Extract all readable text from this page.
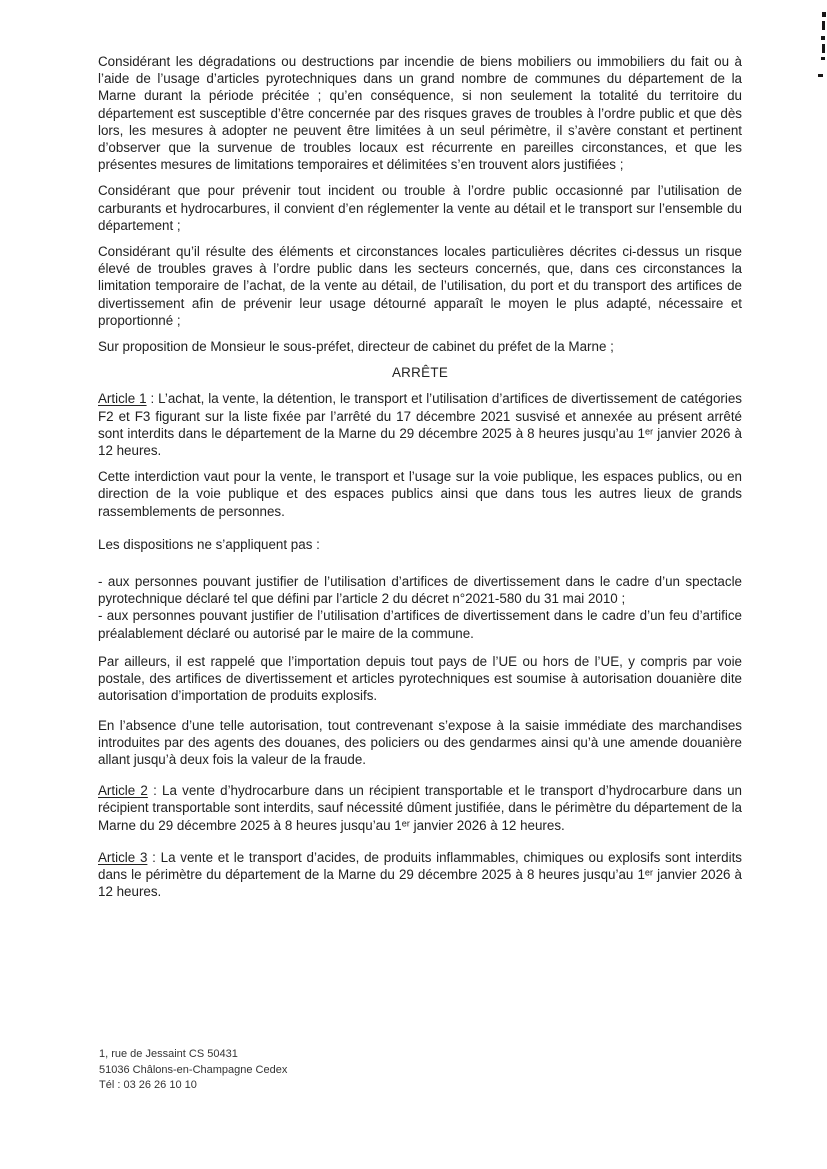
Considérant les dégradations ou destructions par incendie de biens mobiliers ou immobiliers du fait ou à l’aide de l’usage d’articles pyrotechniques dans un grand nombre de communes du département de la Marne durant la période précitée ; qu’en conséquence, si non seulement la totalité du territoire du département est susceptible d’être concernée par des risques graves de troubles à l’ordre public et que dès lors, les mesures à adopter ne peuvent être limitées à un seul périmètre, il s’avère constant et pertinent d’observer que la survenue de troubles locaux est récurrente en pareilles circonstances, et que les présentes mesures de limitations temporaires et délimitées s’en trouvent alors justifiées ;

Considérant que pour prévenir tout incident ou trouble à l’ordre public occasionné par l’utilisation de carburants et hydrocarbures, il convient d’en réglementer la vente au détail et le transport sur l’ensemble du département ;

Considérant qu’il résulte des éléments et circonstances locales particulières décrites ci-dessus un risque élevé de troubles graves à l’ordre public dans les secteurs concernés, que, dans ces circonstances la limitation temporaire de l’achat, de la vente au détail, de l’utilisation, du port et du transport des artifices de divertissement afin de prévenir leur usage détourné apparaît le moyen le plus adapté, nécessaire et proportionné ;

Sur proposition de Monsieur le sous-préfet, directeur de cabinet du préfet de la Marne ;

ARRÊTE

Article 1 : L’achat, la vente, la détention, le transport et l’utilisation d’artifices de divertissement de catégories F2 et F3 figurant sur la liste fixée par l’arrêté du 17 décembre 2021 susvisé et annexée au présent arrêté sont interdits dans le département de la Marne du 29 décembre 2025 à 8 heures jusqu’au 1ᵉʳ janvier 2026 à 12 heures.

Cette interdiction vaut pour la vente, le transport et l’usage sur la voie publique, les espaces publics, ou en direction de la voie publique et des espaces publics ainsi que dans tous les autres lieux de grands rassemblements de personnes.

Les dispositions ne s’appliquent pas :

- aux personnes pouvant justifier de l’utilisation d’artifices de divertissement dans le cadre d’un spectacle pyrotechnique déclaré tel que défini par l’article 2 du décret n°2021-580 du 31 mai 2010 ;

- aux personnes pouvant justifier de l’utilisation d’artifices de divertissement dans le cadre d’un feu d’artifice préalablement déclaré ou autorisé par le maire de la commune.

Par ailleurs, il est rappelé que l’importation depuis tout pays de l’UE ou hors de l’UE, y compris par voie postale, des artifices de divertissement et articles pyrotechniques est soumise à autorisation douanière dite autorisation d’importation de produits explosifs.

En l’absence d’une telle autorisation, tout contrevenant s’expose à la saisie immédiate des marchandises introduites par des agents des douanes, des policiers ou des gendarmes ainsi qu’à une amende douanière allant jusqu’à deux fois la valeur de la fraude.

Article 2 : La vente d’hydrocarbure dans un récipient transportable et le transport d’hydrocarbure dans un récipient transportable sont interdits, sauf nécessité dûment justifiée, dans le périmètre du département de la Marne du 29 décembre 2025 à 8 heures jusqu’au 1ᵉʳ janvier 2026 à 12 heures.

Article 3 : La vente et le transport d’acides, de produits inflammables, chimiques ou explosifs sont interdits dans le périmètre du département de la Marne du 29 décembre 2025 à 8 heures jusqu’au 1ᵉʳ janvier 2026 à 12 heures.

1, rue de Jessaint CS 50431
51036 Châlons-en-Champagne Cedex
Tél : 03 26 26 10 10
